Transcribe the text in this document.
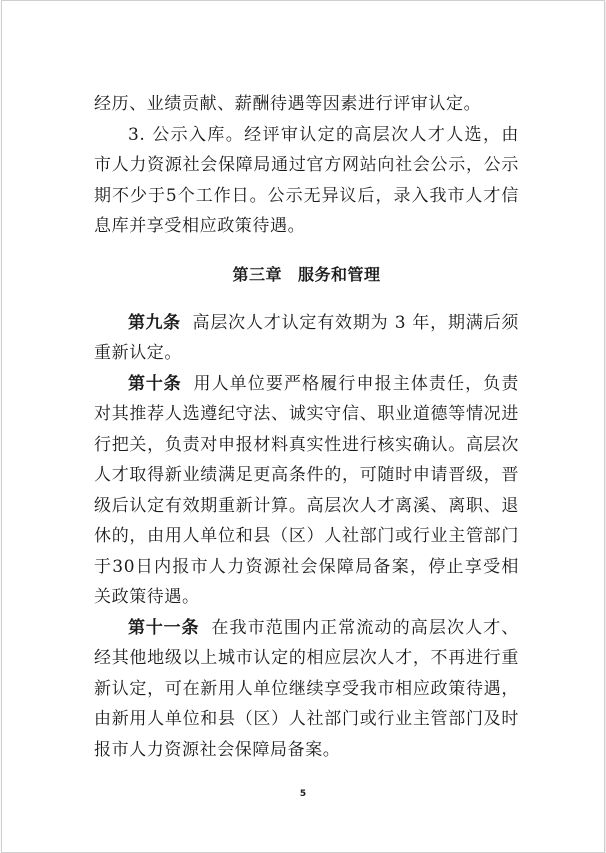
经历、业绩贡献、薪酬待遇等因素进行评审认定。

3. 公示入库。经评审认定的高层次人才人选，由市人力资源社会保障局通过官方网站向社会公示，公示期不少于5个工作日。公示无异议后，录入我市人才信息库并享受相应政策待遇。

第三章 服务和管理

第九条 高层次人才认定有效期为 3 年，期满后须重新认定。

第十条 用人单位要严格履行申报主体责任，负责对其推荐人选遵纪守法、诚实守信、职业道德等情况进行把关，负责对申报材料真实性进行核实确认。高层次人才取得新业绩满足更高条件的，可随时申请晋级，晋级后认定有效期重新计算。高层次人才离溪、离职、退休的，由用人单位和县（区）人社部门或行业主管部门于30日内报市人力资源社会保障局备案，停止享受相关政策待遇。

第十一条 在我市范围内正常流动的高层次人才、经其他地级以上城市认定的相应层次人才，不再进行重新认定，可在新用人单位继续享受我市相应政策待遇，由新用人单位和县（区）人社部门或行业主管部门及时报市人力资源社会保障局备案。

5
